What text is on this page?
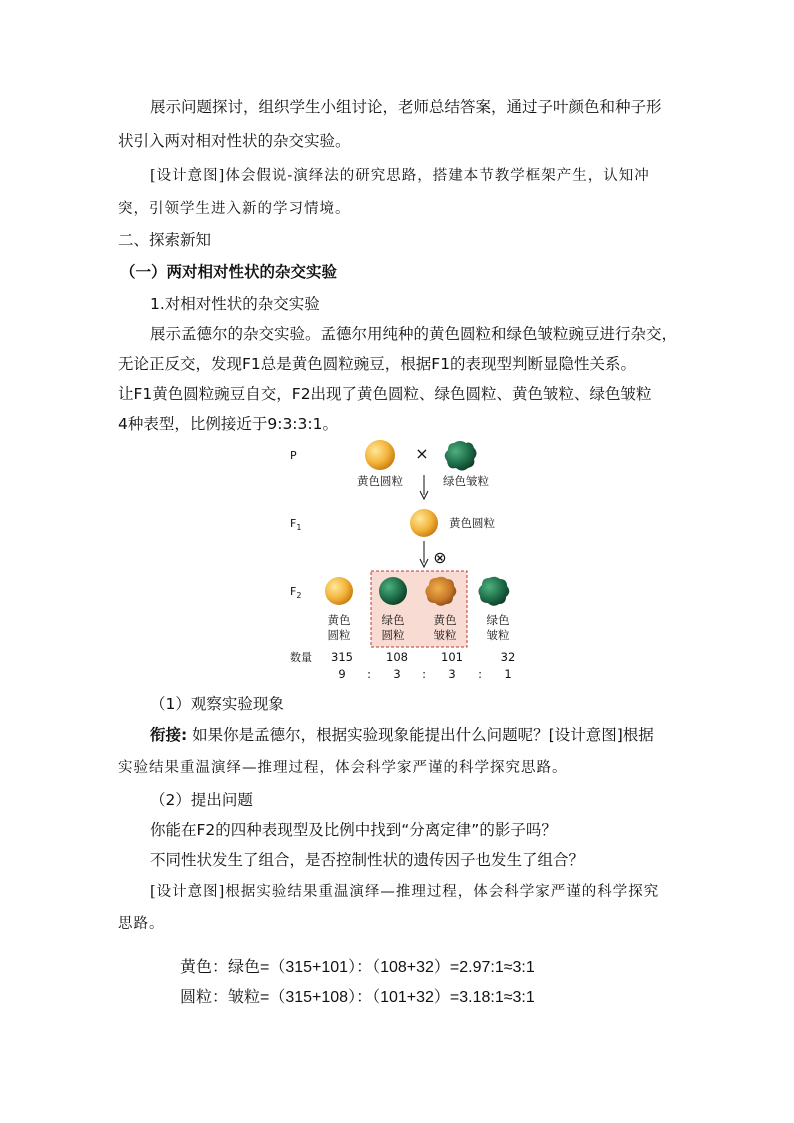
展示问题探讨，组织学生小组讨论，老师总结答案，通过子叶颜色和种子形
状引入两对相对性状的杂交实验。
[设计意图]体会假说-演绎法的研究思路，搭建本节教学框架产生，认知冲
突，引领学生进入新的学习情境。
二、探索新知
（一）两对相对性状的杂交实验
1.对相对性状的杂交实验
展示孟德尔的杂交实验。孟德尔用纯种的黄色圆粒和绿色皱粒豌豆进行杂交，
无论正反交，发现F1总是黄色圆粒豌豆，根据F1的表现型判断显隐性关系。
让F1黄色圆粒豌豆自交，F2出现了黄色圆粒、绿色圆粒、黄色皱粒、绿色皱粒
4种表型，比例接近于9:3:3:1。
P	×
黄色圆粒	绿色皱粒
$F_1$	黄色圆粒
⊗
$F_2$
黄色
圆粒
绿色
圆粒
黄色
皱粒
绿色
皱粒
数量 315	108	101	32
9 : 3 : 3 : 1
（1）观察实验现象
衔接: 如果你是孟德尔，根据实验现象能提出什么问题呢？[设计意图]根据
实验结果重温演绎—推理过程，体会科学家严谨的科学探究思路。
（2）提出问题
你能在F2的四种表现型及比例中找到“分离定律”的影子吗？
不同性状发生了组合，是否控制性状的遗传因子也发生了组合？
[设计意图]根据实验结果重温演绎—推理过程，体会科学家严谨的科学探究
思路。
黄色：绿色=（315+101）：（108+32）=2.97:1≈3:1
圆粒：皱粒=（315+108）：（101+32）=3.18:1≈3:1
